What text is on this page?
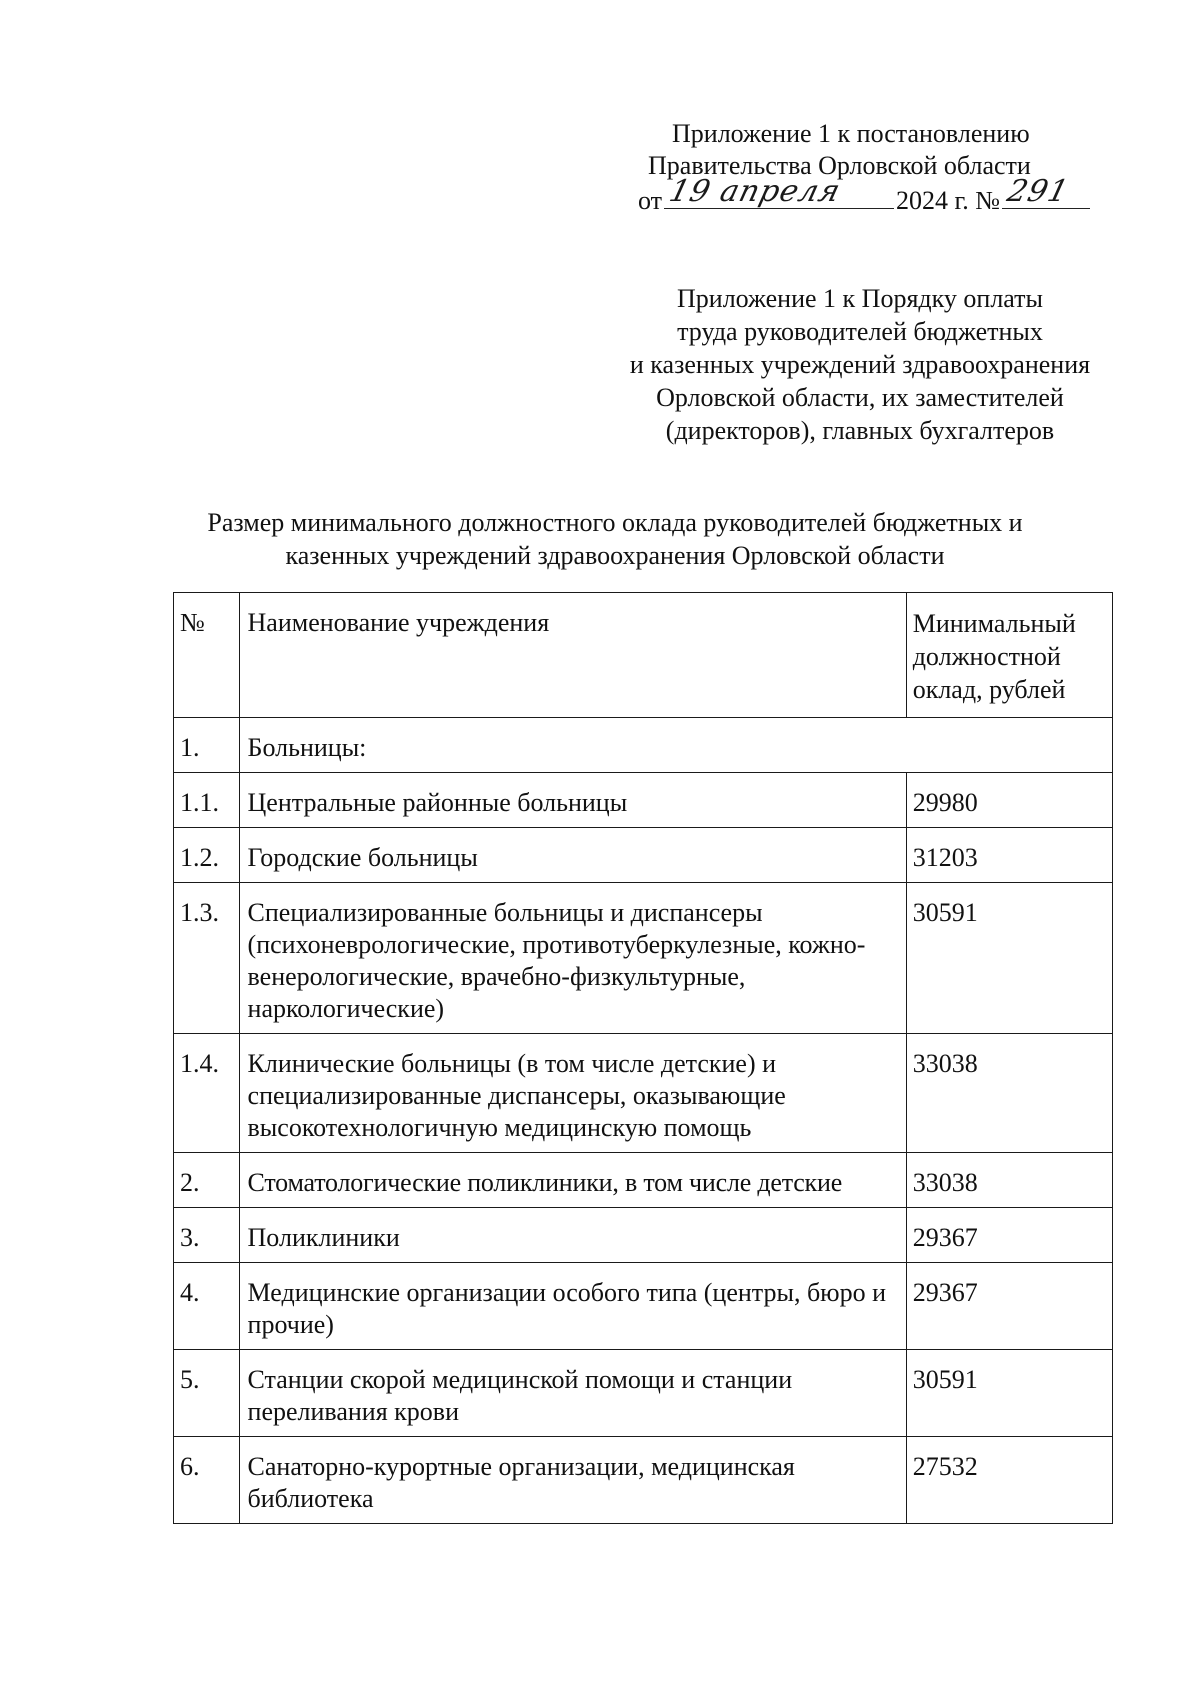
Приложение 1 к постановлению
Правительства Орловской области
от 19 апреля 2024 г. № 291
Приложение 1 к Порядку оплаты
труда руководителей бюджетных
и казенных учреждений здравоохранения
Орловской области, их заместителей
(директоров), главных бухгалтеров
Размер минимального должностного оклада руководителей бюджетных и
казенных учреждений здравоохранения Орловской области
№	Наименование учреждения	Минимальный должностной оклад, рублей
1.	Больницы:	
1.1.	Центральные районные больницы	29980
1.2.	Городские больницы	31203
1.3.	Специализированные больницы и диспансеры (психоневрологические, противотуберкулезные, кожно-венерологические, врачебно-физкультурные, наркологические)	30591
1.4.	Клинические больницы (в том числе детские) и специализированные диспансеры, оказывающие высокотехнологичную медицинскую помощь	33038
2.	Стоматологические поликлиники, в том числе детские	33038
3.	Поликлиники	29367
4.	Медицинские организации особого типа (центры, бюро и прочие)	29367
5.	Станции скорой медицинской помощи и станции переливания крови	30591
6.	Санаторно-курортные организации, медицинская библиотека	27532
